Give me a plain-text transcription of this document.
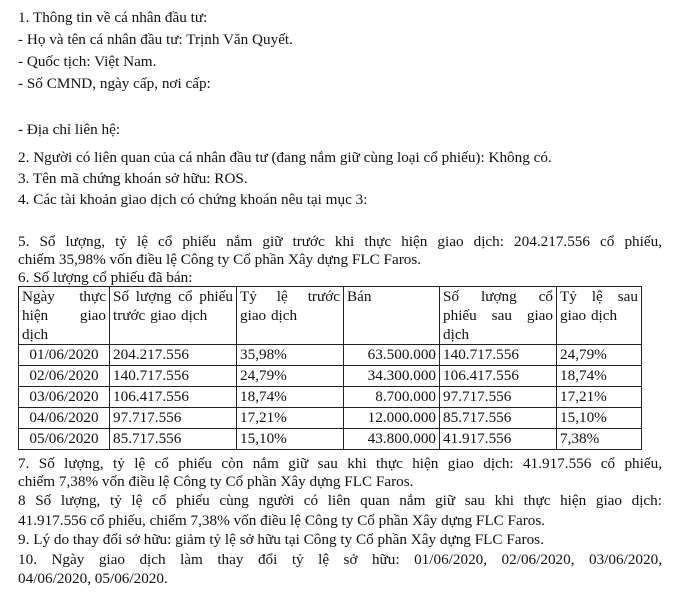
1. Thông tin về cá nhân đầu tư:
- Họ và tên cá nhân đầu tư: Trịnh Văn Quyết.
- Quốc tịch: Việt Nam.
- Số CMND, ngày cấp, nơi cấp:
- Địa chỉ liên hệ:
2. Người có liên quan của cá nhân đầu tư (đang nắm giữ cùng loại cổ phiếu): Không có.
3. Tên mã chứng khoán sở hữu: ROS.
4. Các tài khoản giao dịch có chứng khoán nêu tại mục 3:
5. Số lượng, tỷ lệ cổ phiếu nắm giữ trước khi thực hiện giao dịch: 204.217.556 cổ phiếu,
chiếm 35,98% vốn điều lệ Công ty Cổ phần Xây dựng FLC Faros.
6. Số lượng cổ phiếu đã bán:
Ngày thực hiện giao dịch	Số lượng cổ phiếu trước giao dịch	Tỷ lệ trước giao dịch	Bán	Số lượng cổ phiếu sau giao dịch	Tỷ lệ sau giao dịch
01/06/2020	204.217.556	35,98%	63.500.000	140.717.556	24,79%
02/06/2020	140.717.556	24,79%	34.300.000	106.417.556	18,74%
03/06/2020	106.417.556	18,74%	8.700.000	97.717.556	17,21%
04/06/2020	97.717.556	17,21%	12.000.000	85.717.556	15,10%
05/06/2020	85.717.556	15,10%	43.800.000	41.917.556	7,38%
7. Số lượng, tỷ lệ cổ phiếu còn nắm giữ sau khi thực hiện giao dịch: 41.917.556 cổ phiếu,
chiếm 7,38% vốn điều lệ Công ty Cổ phần Xây dựng FLC Faros.
8 Số lượng, tỷ lệ cổ phiếu cùng người có liên quan nắm giữ sau khi thực hiện giao dịch:
41.917.556 cổ phiếu, chiếm 7,38% vốn điều lệ Công ty Cổ phần Xây dựng FLC Faros.
9. Lý do thay đổi sở hữu: giảm tỷ lệ sở hữu tại Công ty Cổ phần Xây dựng FLC Faros.
10. Ngày giao dịch làm thay đổi tỷ lệ sở hữu: 01/06/2020, 02/06/2020, 03/06/2020,
04/06/2020, 05/06/2020.
